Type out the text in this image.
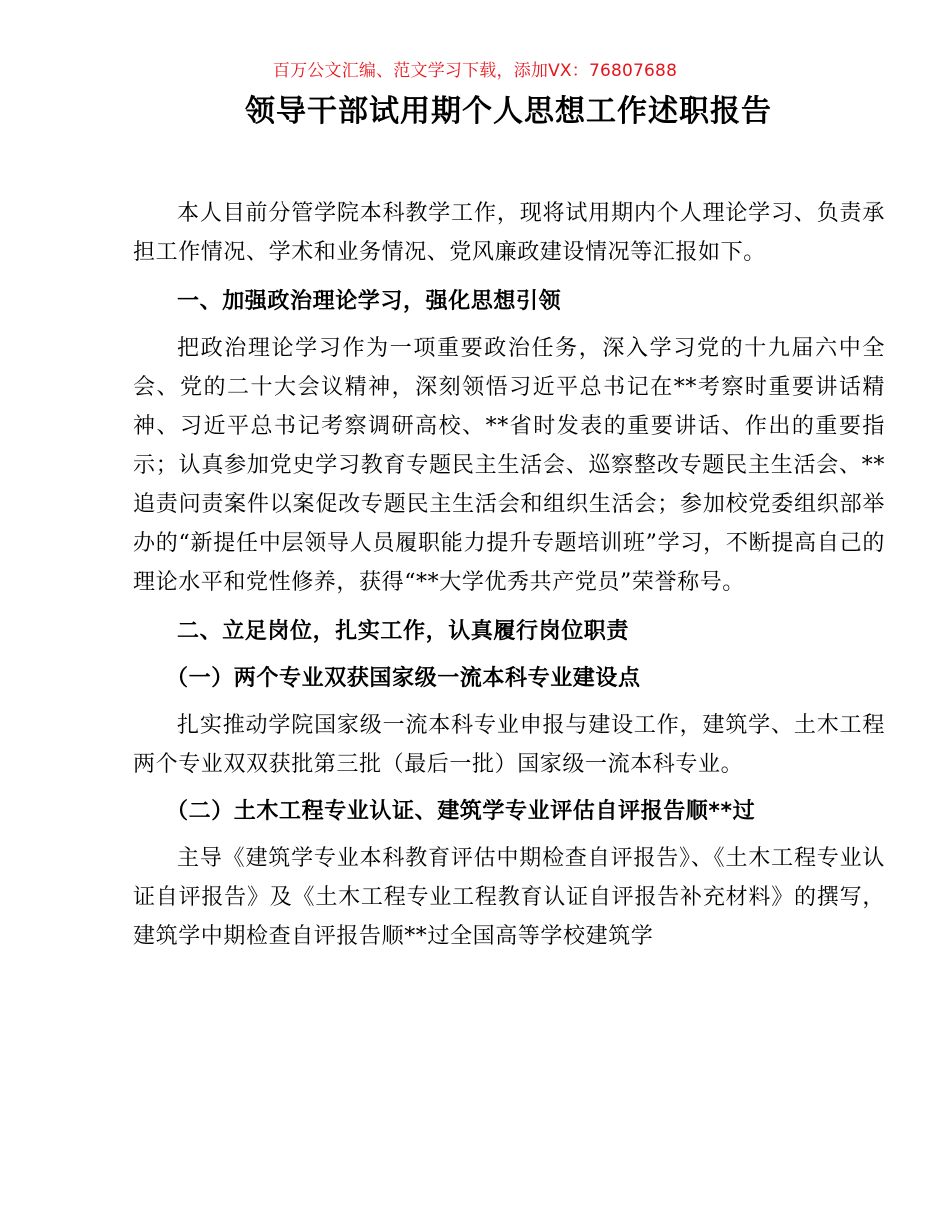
百万公文汇编、范文学习下载，添加VX：76807688
领导干部试用期个人思想工作述职报告

本人目前分管学院本科教学工作，现将试用期内个人理论学习、负责承担工作情况、学术和业务情况、党风廉政建设情况等汇报如下。

一、加强政治理论学习，强化思想引领

把政治理论学习作为一项重要政治任务，深入学习党的十九届六中全会、党的二十大会议精神，深刻领悟习近平总书记在**考察时重要讲话精神、习近平总书记考察调研高校、**省时发表的重要讲话、作出的重要指示；认真参加党史学习教育专题民主生活会、巡察整改专题民主生活会、**追责问责案件以案促改专题民主生活会和组织生活会；参加校党委组织部举办的“新提任中层领导人员履职能力提升专题培训班”学习，不断提高自己的理论水平和党性修养，获得“**大学优秀共产党员”荣誉称号。

二、立足岗位，扎实工作，认真履行岗位职责

（一）两个专业双获国家级一流本科专业建设点

扎实推动学院国家级一流本科专业申报与建设工作，建筑学、土木工程两个专业双双获批第三批（最后一批）国家级一流本科专业。

（二）土木工程专业认证、建筑学专业评估自评报告顺**过

主导《建筑学专业本科教育评估中期检查自评报告》、《土木工程专业认证自评报告》及《土木工程专业工程教育认证自评报告补充材料》的撰写，建筑学中期检查自评报告顺**过全国高等学校建筑学
